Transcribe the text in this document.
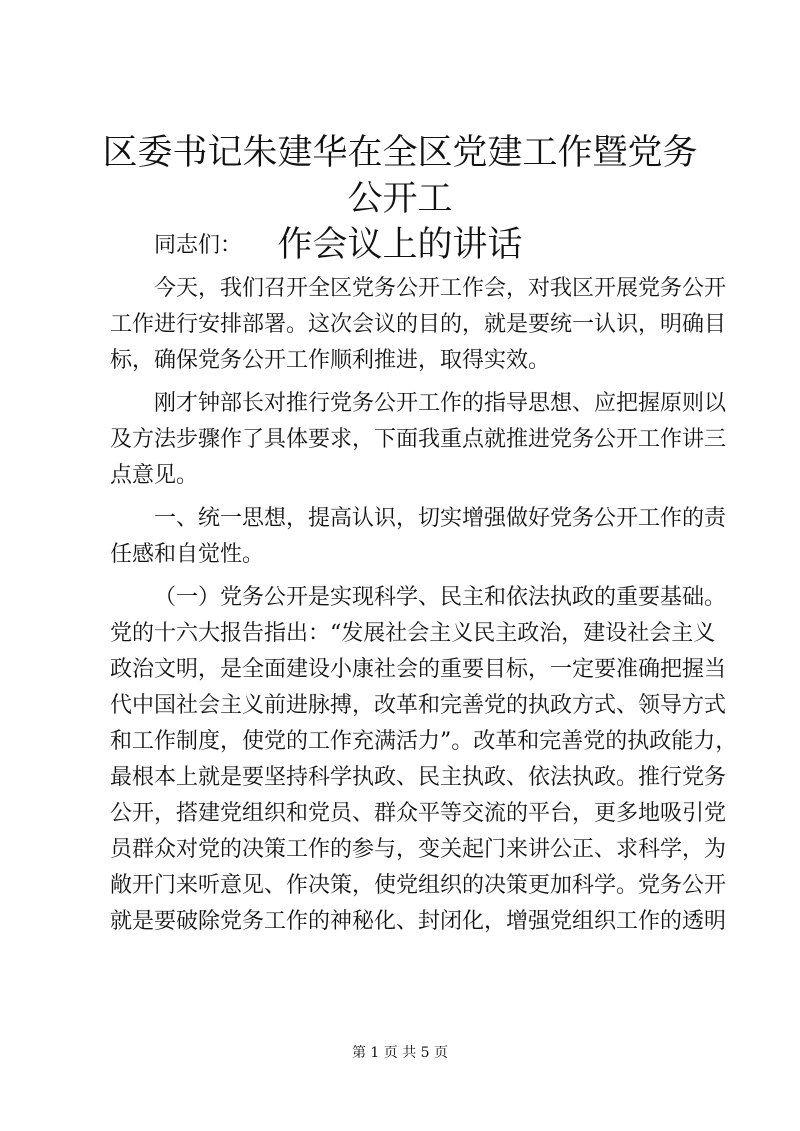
区委书记朱建华在全区党建工作暨党务公开工
作会议上的讲话
同志们：
今天，我们召开全区党务公开工作会，对我区开展党务公开
工作进行安排部署。这次会议的目的，就是要统一认识，明确目
标，确保党务公开工作顺利推进，取得实效。
刚才钟部长对推行党务公开工作的指导思想、应把握原则以
及方法步骤作了具体要求，下面我重点就推进党务公开工作讲三
点意见。
一、统一思想，提高认识，切实增强做好党务公开工作的责
任感和自觉性。
（一）党务公开是实现科学、民主和依法执政的重要基础。
党的十六大报告指出：“发展社会主义民主政治，建设社会主义
政治文明，是全面建设小康社会的重要目标，一定要准确把握当
代中国社会主义前进脉搏，改革和完善党的执政方式、领导方式
和工作制度，使党的工作充满活力”。改革和完善党的执政能力，
最根本上就是要坚持科学执政、民主执政、依法执政。推行党务
公开，搭建党组织和党员、群众平等交流的平台，更多地吸引党
员群众对党的决策工作的参与，变关起门来讲公正、求科学，为
敞开门来听意见、作决策，使党组织的决策更加科学。党务公开
就是要破除党务工作的神秘化、封闭化，增强党组织工作的透明
第 1 页 共 5 页
